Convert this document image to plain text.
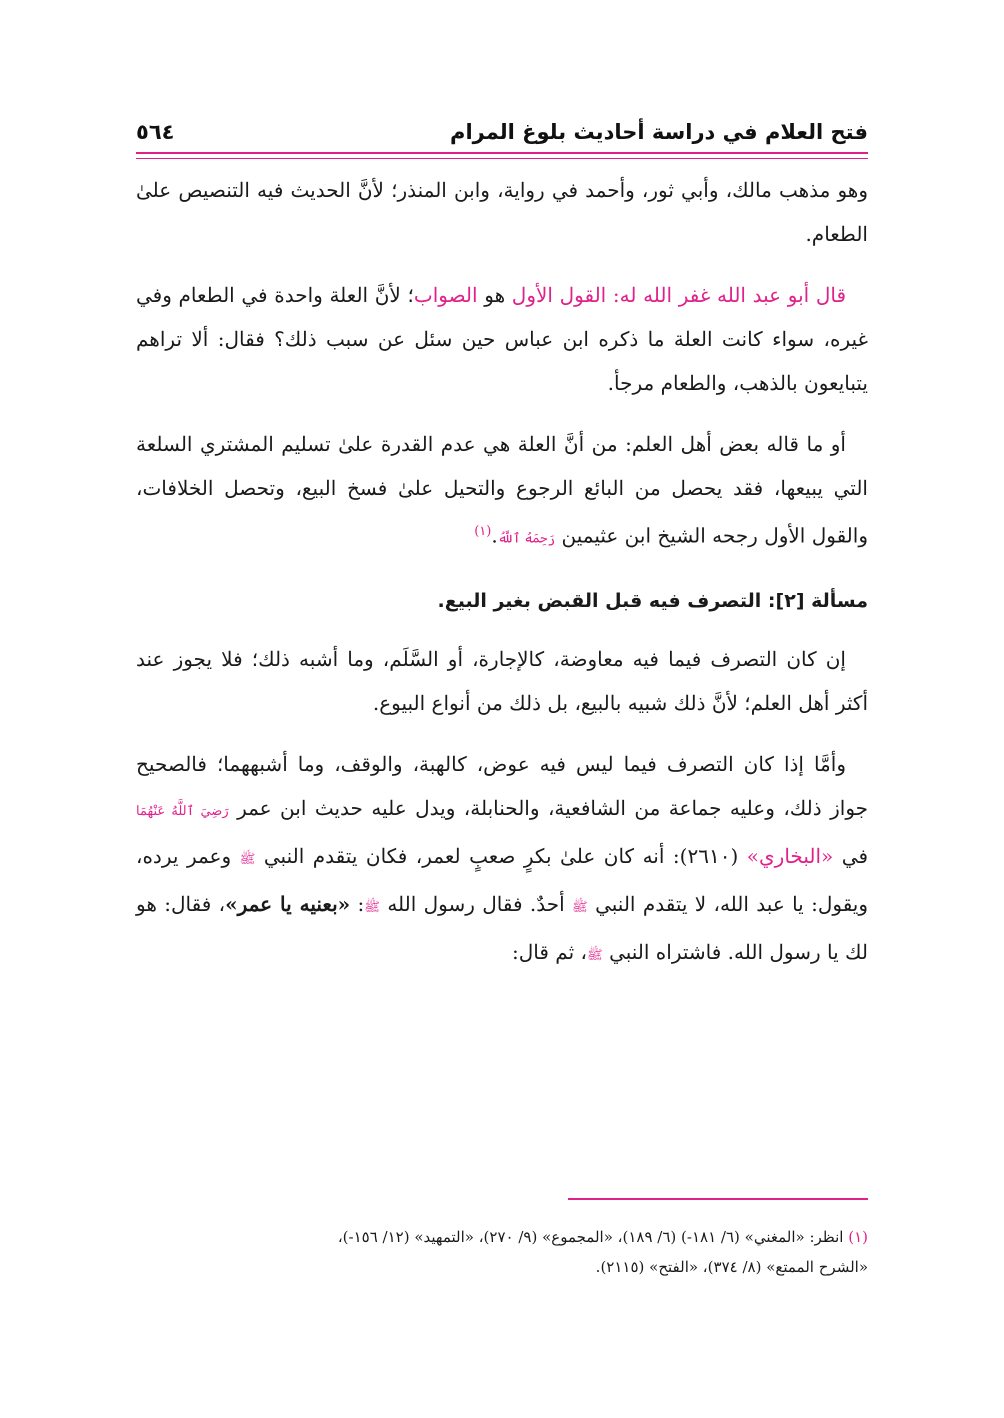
فتح العلام في دراسة أحاديث بلوغ المرام
٥٦٤

وهو مذهب مالك، وأبي ثور، وأحمد في رواية، وابن المنذر؛ لأنَّ الحديث فيه التنصيص علىٰ الطعام.

قال أبو عبد الله غفر الله له: القول الأول هو الصواب؛ لأنَّ العلة واحدة في الطعام وفي غيره، سواء كانت العلة ما ذكره ابن عباس حين سئل عن سبب ذلك؟ فقال: ألا تراهم يتبايعون بالذهب، والطعام مرجأ.

أو ما قاله بعض أهل العلم: من أنَّ العلة هي عدم القدرة علىٰ تسليم المشتري السلعة التي يبيعها، فقد يحصل من البائع الرجوع والتحيل علىٰ فسخ البيع، وتحصل الخلافات، والقول الأول رجحه الشيخ ابن عثيمين رَحِمَهُ ٱللَّهُ.$^{(١)}$

مسألة [٢]: التصرف فيه قبل القبض بغير البيع.

إن كان التصرف فيما فيه معاوضة، كالإجارة، أو السَّلَم، وما أشبه ذلك؛ فلا يجوز عند أكثر أهل العلم؛ لأنَّ ذلك شبيه بالبيع، بل ذلك من أنواع البيوع.

وأمَّا إذا كان التصرف فيما ليس فيه عوض، كالهبة، والوقف، وما أشبههما؛ فالصحيح جواز ذلك، وعليه جماعة من الشافعية، والحنابلة، ويدل عليه حديث ابن عمر رَضِيَ ٱللَّهُ عَنْهُمَا في «البخاري» (٢٦١٠): أنه كان علىٰ بكرٍ صعبٍ لعمر، فكان يتقدم النبي ﷺ وعمر يرده، ويقول: يا عبد الله، لا يتقدم النبي ﷺ أحدٌ. فقال رسول الله ﷺ: «بعنيه يا عمر»، فقال: هو لك يا رسول الله. فاشتراه النبي ﷺ، ثم قال:

(١) انظر: «المغني» (٦/ ١٨١-) (٦/ ١٨٩)، «المجموع» (٩/ ٢٧٠)، «التمهيد» (١٢/ ١٥٦-)،
«الشرح الممتع» (٨/ ٣٧٤)، «الفتح» (٢١١٥).
